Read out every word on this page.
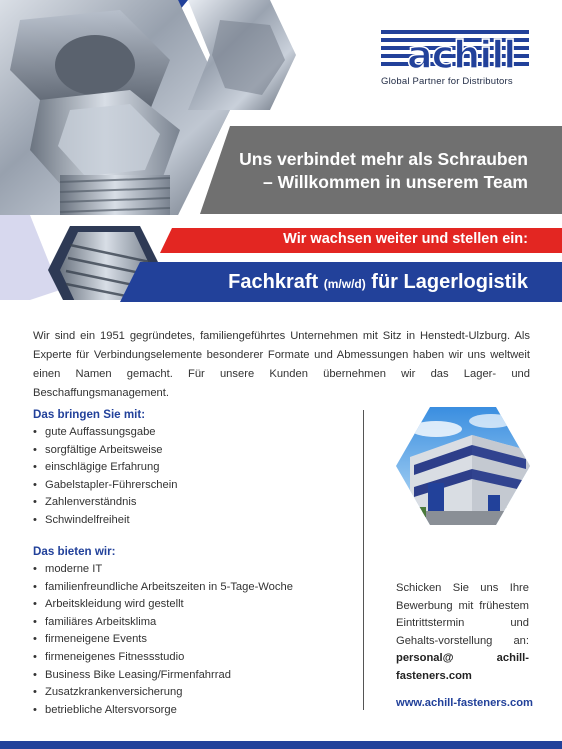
achill
Global Partner for Distributors
Uns verbindet mehr als Schrauben
– Willkommen in unserem Team
Wir wachsen weiter und stellen ein:
Fachkraft (m/w/d) für Lagerlogistik
Wir sind ein 1951 gegründetes, familiengeführtes Unternehmen mit Sitz in Henstedt-Ulzburg. Als Experte für Verbindungselemente besonderer Formate und Abmessungen haben wir uns weltweit einen Namen gemacht. Für unsere Kunden übernehmen wir das Lager- und Beschaffungsmanagement.
Das bringen Sie mit:
• gute Auffassungsgabe
• sorgfältige Arbeitsweise
• einschlägige Erfahrung
• Gabelstapler-Führerschein
• Zahlenverständnis
• Schwindelfreiheit
Das bieten wir:
• moderne IT
• familienfreundliche Arbeitszeiten in 5-Tage-Woche
• Arbeitskleidung wird gestellt
• familiäres Arbeitsklima
• firmeneigene Events
• firmeneigenes Fitnessstudio
• Business Bike Leasing/Firmenfahrrad
• Zusatzkrankenversicherung
• betriebliche Altersvorsorge
Schicken Sie uns Ihre Bewerbung mit frühestem Eintrittstermin und Gehalts-vorstellung an: personal@ achill-fasteners.com
www.achill-fasteners.com
